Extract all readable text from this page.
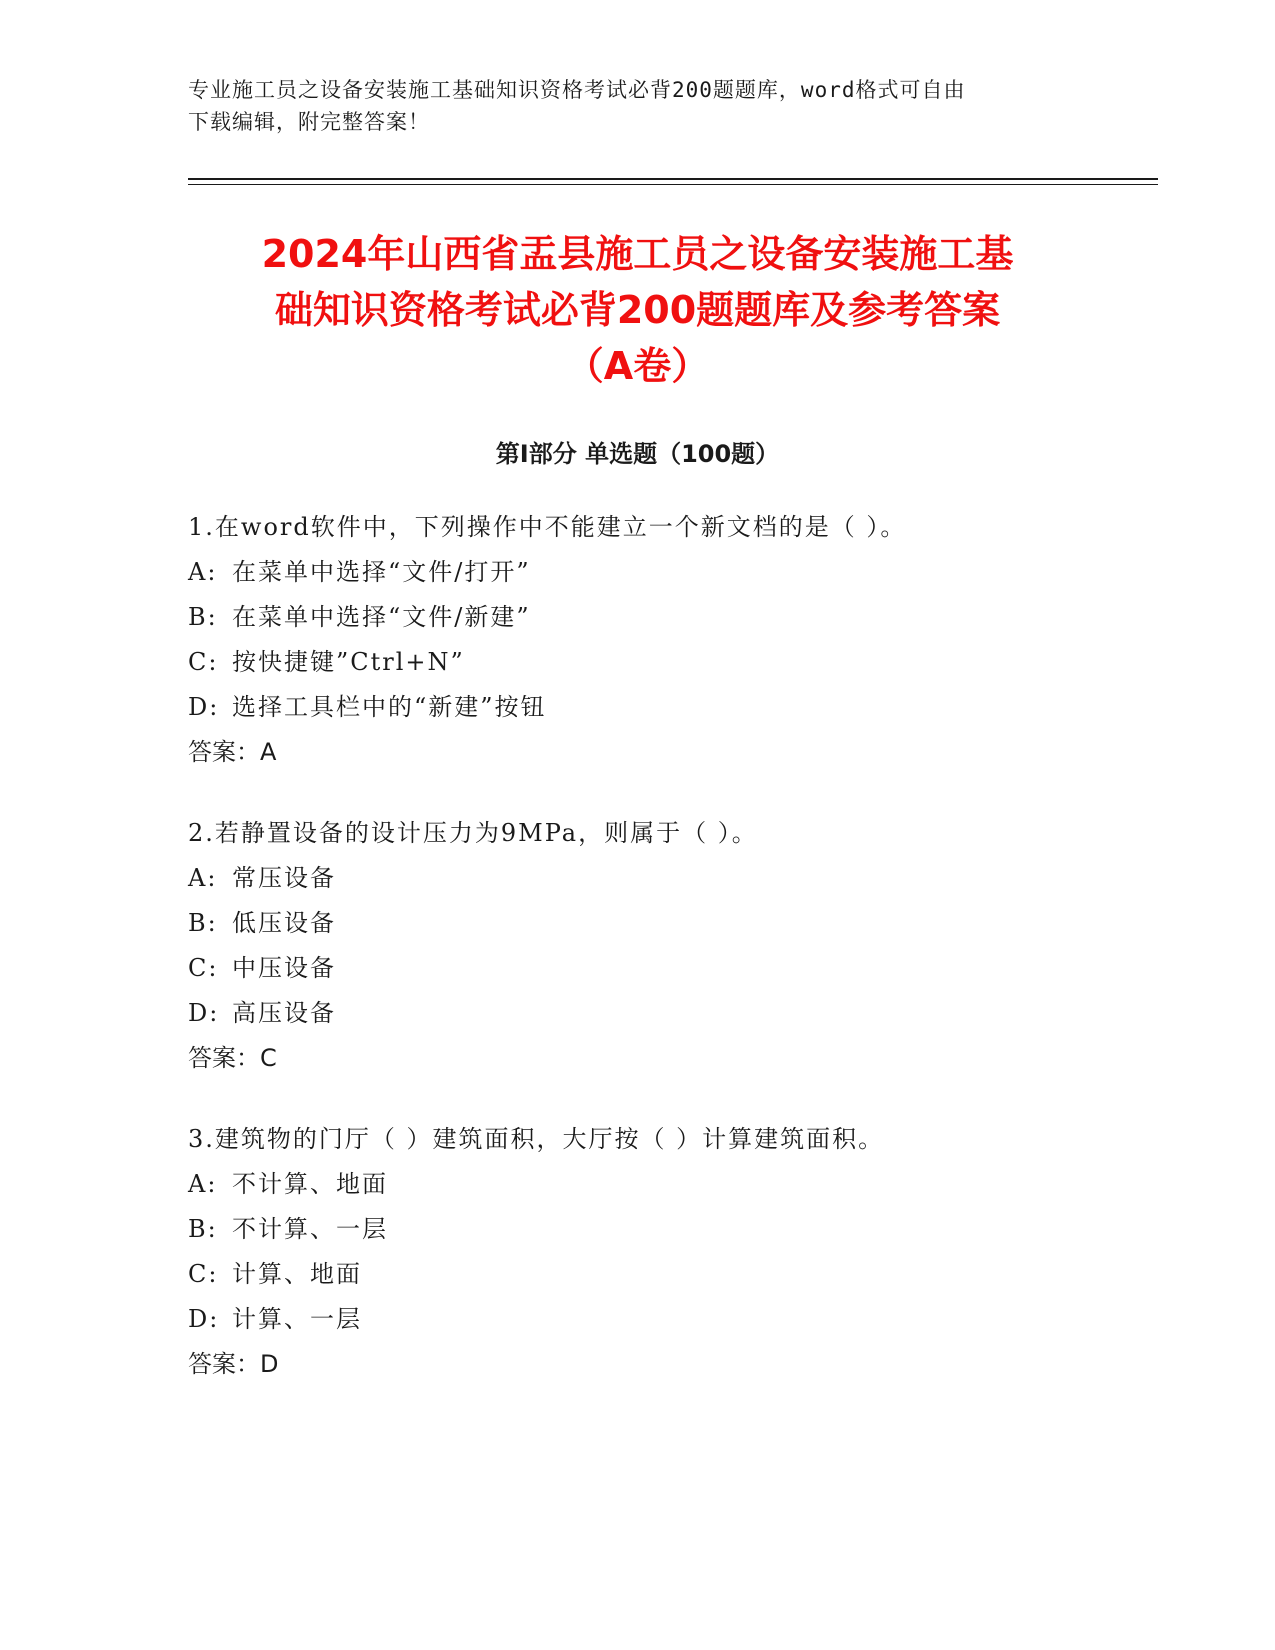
专业施工员之设备安装施工基础知识资格考试必背200题题库，word格式可自由
下载编辑，附完整答案！
2024年山西省盂县施工员之设备安装施工基
础知识资格考试必背200题题库及参考答案
（A卷）
第I部分 单选题（100题）
1.在word软件中，下列操作中不能建立一个新文档的是（ ）。
A: 在菜单中选择“文件/打开”
B: 在菜单中选择“文件/新建”
C: 按快捷键”Ctrl+N”
D: 选择工具栏中的“新建”按钮
答案：A
2.若静置设备的设计压力为9MPa，则属于（ ）。
A: 常压设备
B: 低压设备
C: 中压设备
D: 高压设备
答案：C
3.建筑物的门厅（ ）建筑面积，大厅按（ ）计算建筑面积。
A: 不计算、地面
B: 不计算、一层
C: 计算、地面
D: 计算、一层
答案：D
